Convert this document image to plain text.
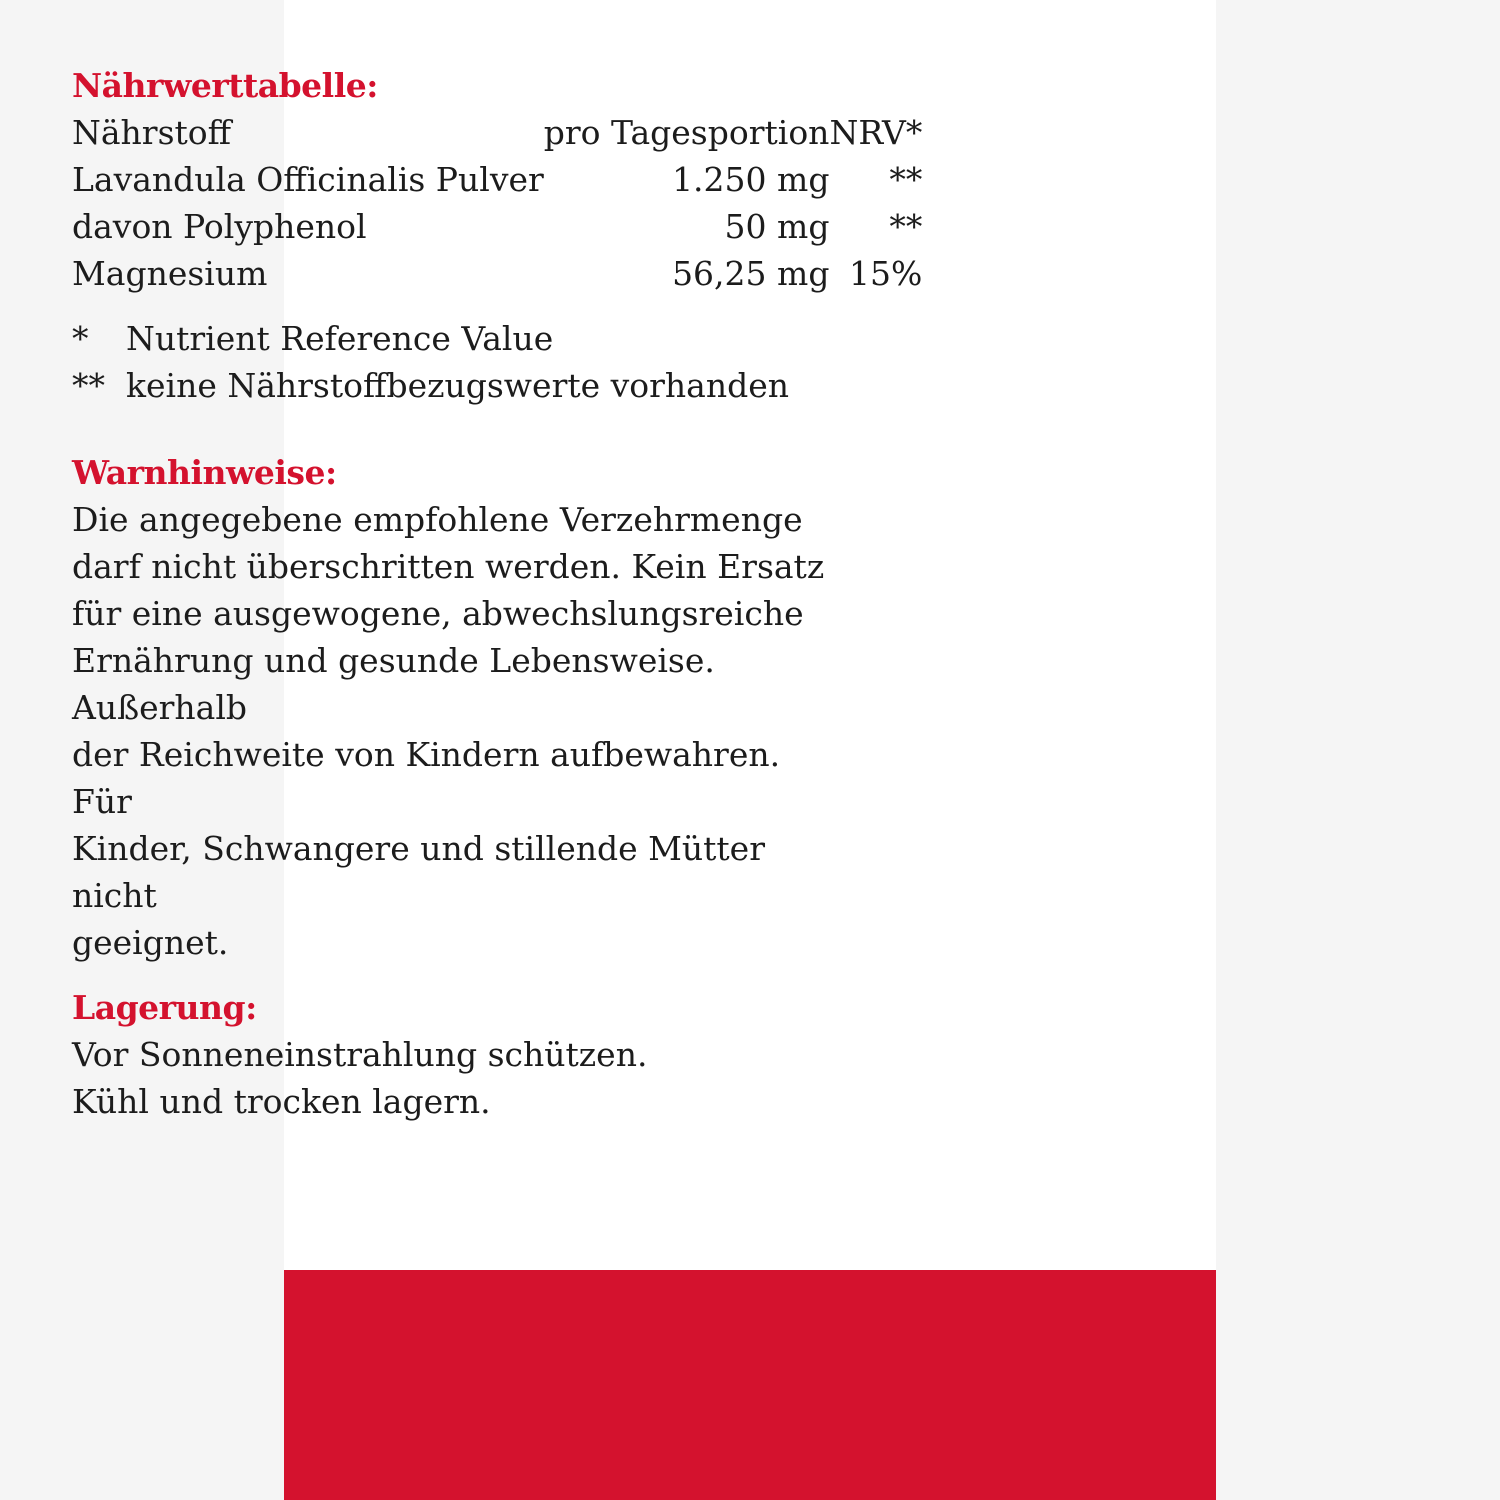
Nährwerttabelle:
Nährstoff	pro Tagesportion	NRV*
Lavandula Officinalis Pulver	1.250 mg	**
davon Polyphenol	50 mg	**
Magnesium	56,25 mg	15%
*	Nutrient Reference Value
** keine Nährstoffbezugswerte vorhanden
Warnhinweise:
Die angegebene empfohlene Verzehrmenge
darf nicht überschritten werden. Kein Ersatz
für eine ausgewogene, abwechslungsreiche
Ernährung und gesunde Lebensweise. Außerhalb
der Reichweite von Kindern aufbewahren. Für
Kinder, Schwangere und stillende Mütter nicht
geeignet.
Lagerung:
Vor Sonneneinstrahlung schützen.
Kühl und trocken lagern.
